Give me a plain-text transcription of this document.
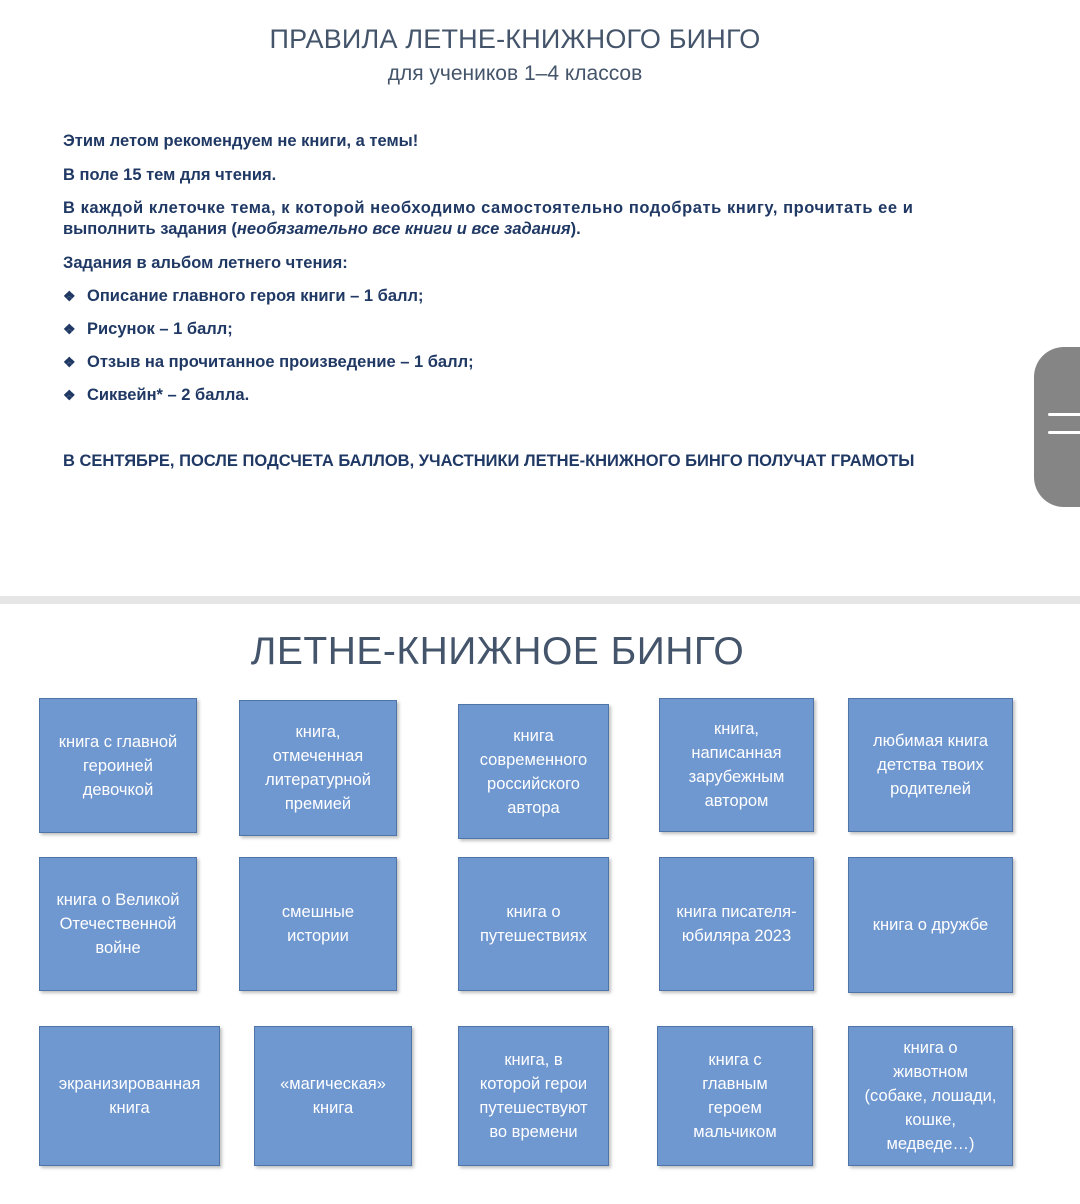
ПРАВИЛА ЛЕТНЕ-КНИЖНОГО БИНГО
для учеников 1–4 классов
Этим летом рекомендуем не книги, а темы!
В поле 15 тем для чтения.
В каждой клеточке тема, к которой необходимо самостоятельно подобрать книгу, прочитать ее и
выполнить задания (необязательно все книги и все задания).
Задания в альбом летнего чтения:
❖ Описание главного героя книги – 1 балл;
❖ Рисунок – 1 балл;
❖ Отзыв на прочитанное произведение – 1 балл;
❖ Сиквейн* – 2 балла.
В СЕНТЯБРЕ, ПОСЛЕ ПОДСЧЕТА БАЛЛОВ, УЧАСТНИКИ ЛЕТНЕ-КНИЖНОГО БИНГО ПОЛУЧАТ ГРАМОТЫ
ЛЕТНЕ-КНИЖНОЕ БИНГО
книга с главной
героиней
девочкой
книга,
отмеченная
литературной
премией
книга
современного
российского
автора
книга,
написанная
зарубежным
автором
любимая книга
детства твоих
родителей
книга о Великой
Отечественной
войне
смешные
истории
книга о
путешествиях
книга писателя-
юбиляра 2023
книга о дружбе
экранизированная
книга
«магическая»
книга
книга, в
которой герои
путешествуют
во времени
книга с
главным
героем
мальчиком
книга о
животном
(собаке, лошади,
кошке,
медведе…)
